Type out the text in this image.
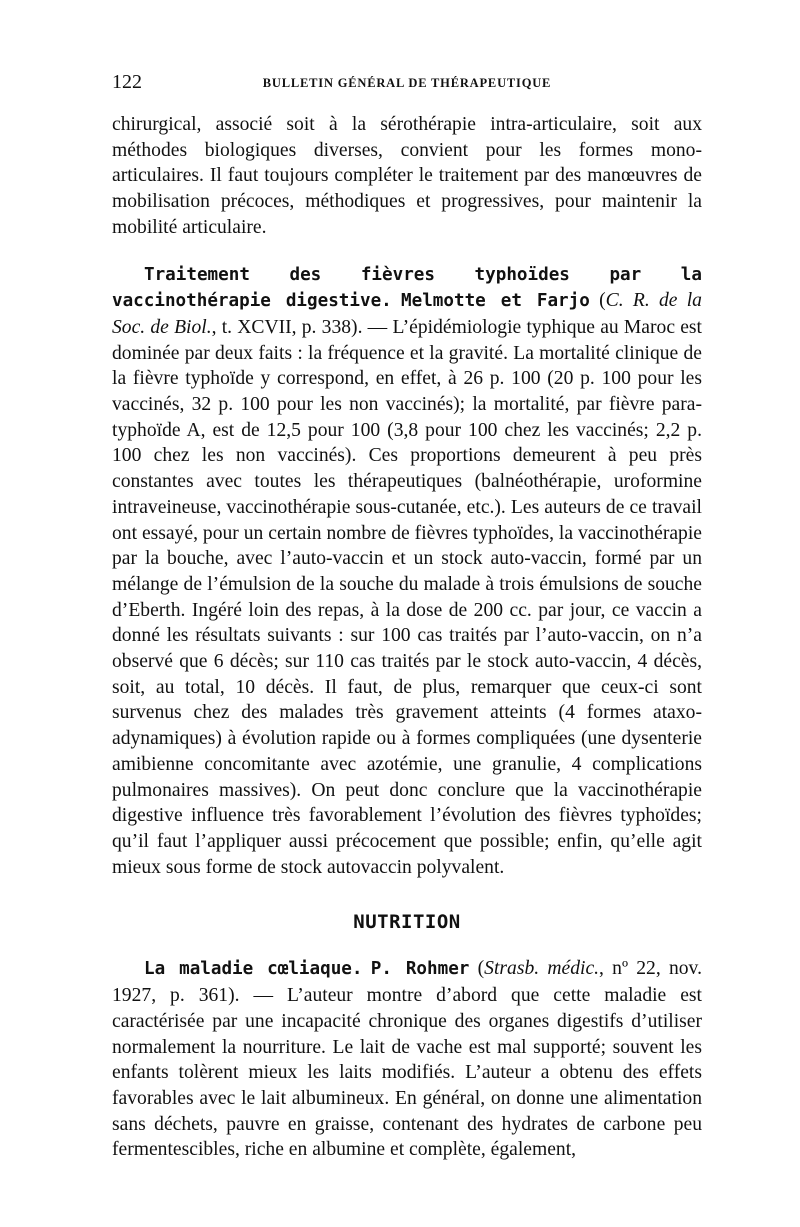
122	BULLETIN GÉNÉRAL DE THÉRAPEUTIQUE

chirurgical, associé soit à la sérothérapie intra-articulaire, soit aux méthodes biologiques diverses, convient pour les formes mono-articulaires. Il faut toujours compléter le traitement par des manœuvres de mobilisation précoces, méthodiques et progressives, pour maintenir la mobilité articulaire.

Traitement des fièvres typhoïdes par la vaccinothérapie digestive. Melmotte et Farjo (C. R. de la Soc. de Biol., t. XCVII, p. 338). — L’épidémiologie typhique au Maroc est dominée par deux faits : la fréquence et la gravité. La mortalité clinique de la fièvre typhoïde y correspond, en effet, à 26 p. 100 (20 p. 100 pour les vaccinés, 32 p. 100 pour les non vaccinés); la mortalité, par fièvre para-typhoïde A, est de 12,5 pour 100 (3,8 pour 100 chez les vaccinés; 2,2 p. 100 chez les non vaccinés). Ces proportions demeurent à peu près constantes avec toutes les thérapeutiques (balnéothérapie, uroformine intraveineuse, vaccinothérapie sous-cutanée, etc.). Les auteurs de ce travail ont essayé, pour un certain nombre de fièvres typhoïdes, la vaccinothérapie par la bouche, avec l’auto-vaccin et un stock auto-vaccin, formé par un mélange de l’émulsion de la souche du malade à trois émulsions de souche d’Eberth. Ingéré loin des repas, à la dose de 200 cc. par jour, ce vaccin a donné les résultats suivants : sur 100 cas traités par l’auto-vaccin, on n’a observé que 6 décès; sur 110 cas traités par le stock auto-vaccin, 4 décès, soit, au total, 10 décès. Il faut, de plus, remarquer que ceux-ci sont survenus chez des malades très gravement atteints (4 formes ataxo-adynamiques) à évolution rapide ou à formes compliquées (une dysenterie amibienne concomitante avec azotémie, une granulie, 4 complications pulmonaires massives). On peut donc conclure que la vaccinothérapie digestive influence très favorablement l’évolution des fièvres typhoïdes; qu’il faut l’appliquer aussi précocement que possible; enfin, qu’elle agit mieux sous forme de stock autovaccin polyvalent.

NUTRITION

La maladie cœliaque. P. Rohmer (Strasb. médic., nº 22, nov. 1927, p. 361). — L’auteur montre d’abord que cette maladie est caractérisée par une incapacité chronique des organes digestifs d’utiliser normalement la nourriture. Le lait de vache est mal supporté; souvent les enfants tolèrent mieux les laits modifiés. L’auteur a obtenu des effets favorables avec le lait albumineux. En général, on donne une alimentation sans déchets, pauvre en graisse, contenant des hydrates de carbone peu fermentescibles, riche en albumine et complète, également,
